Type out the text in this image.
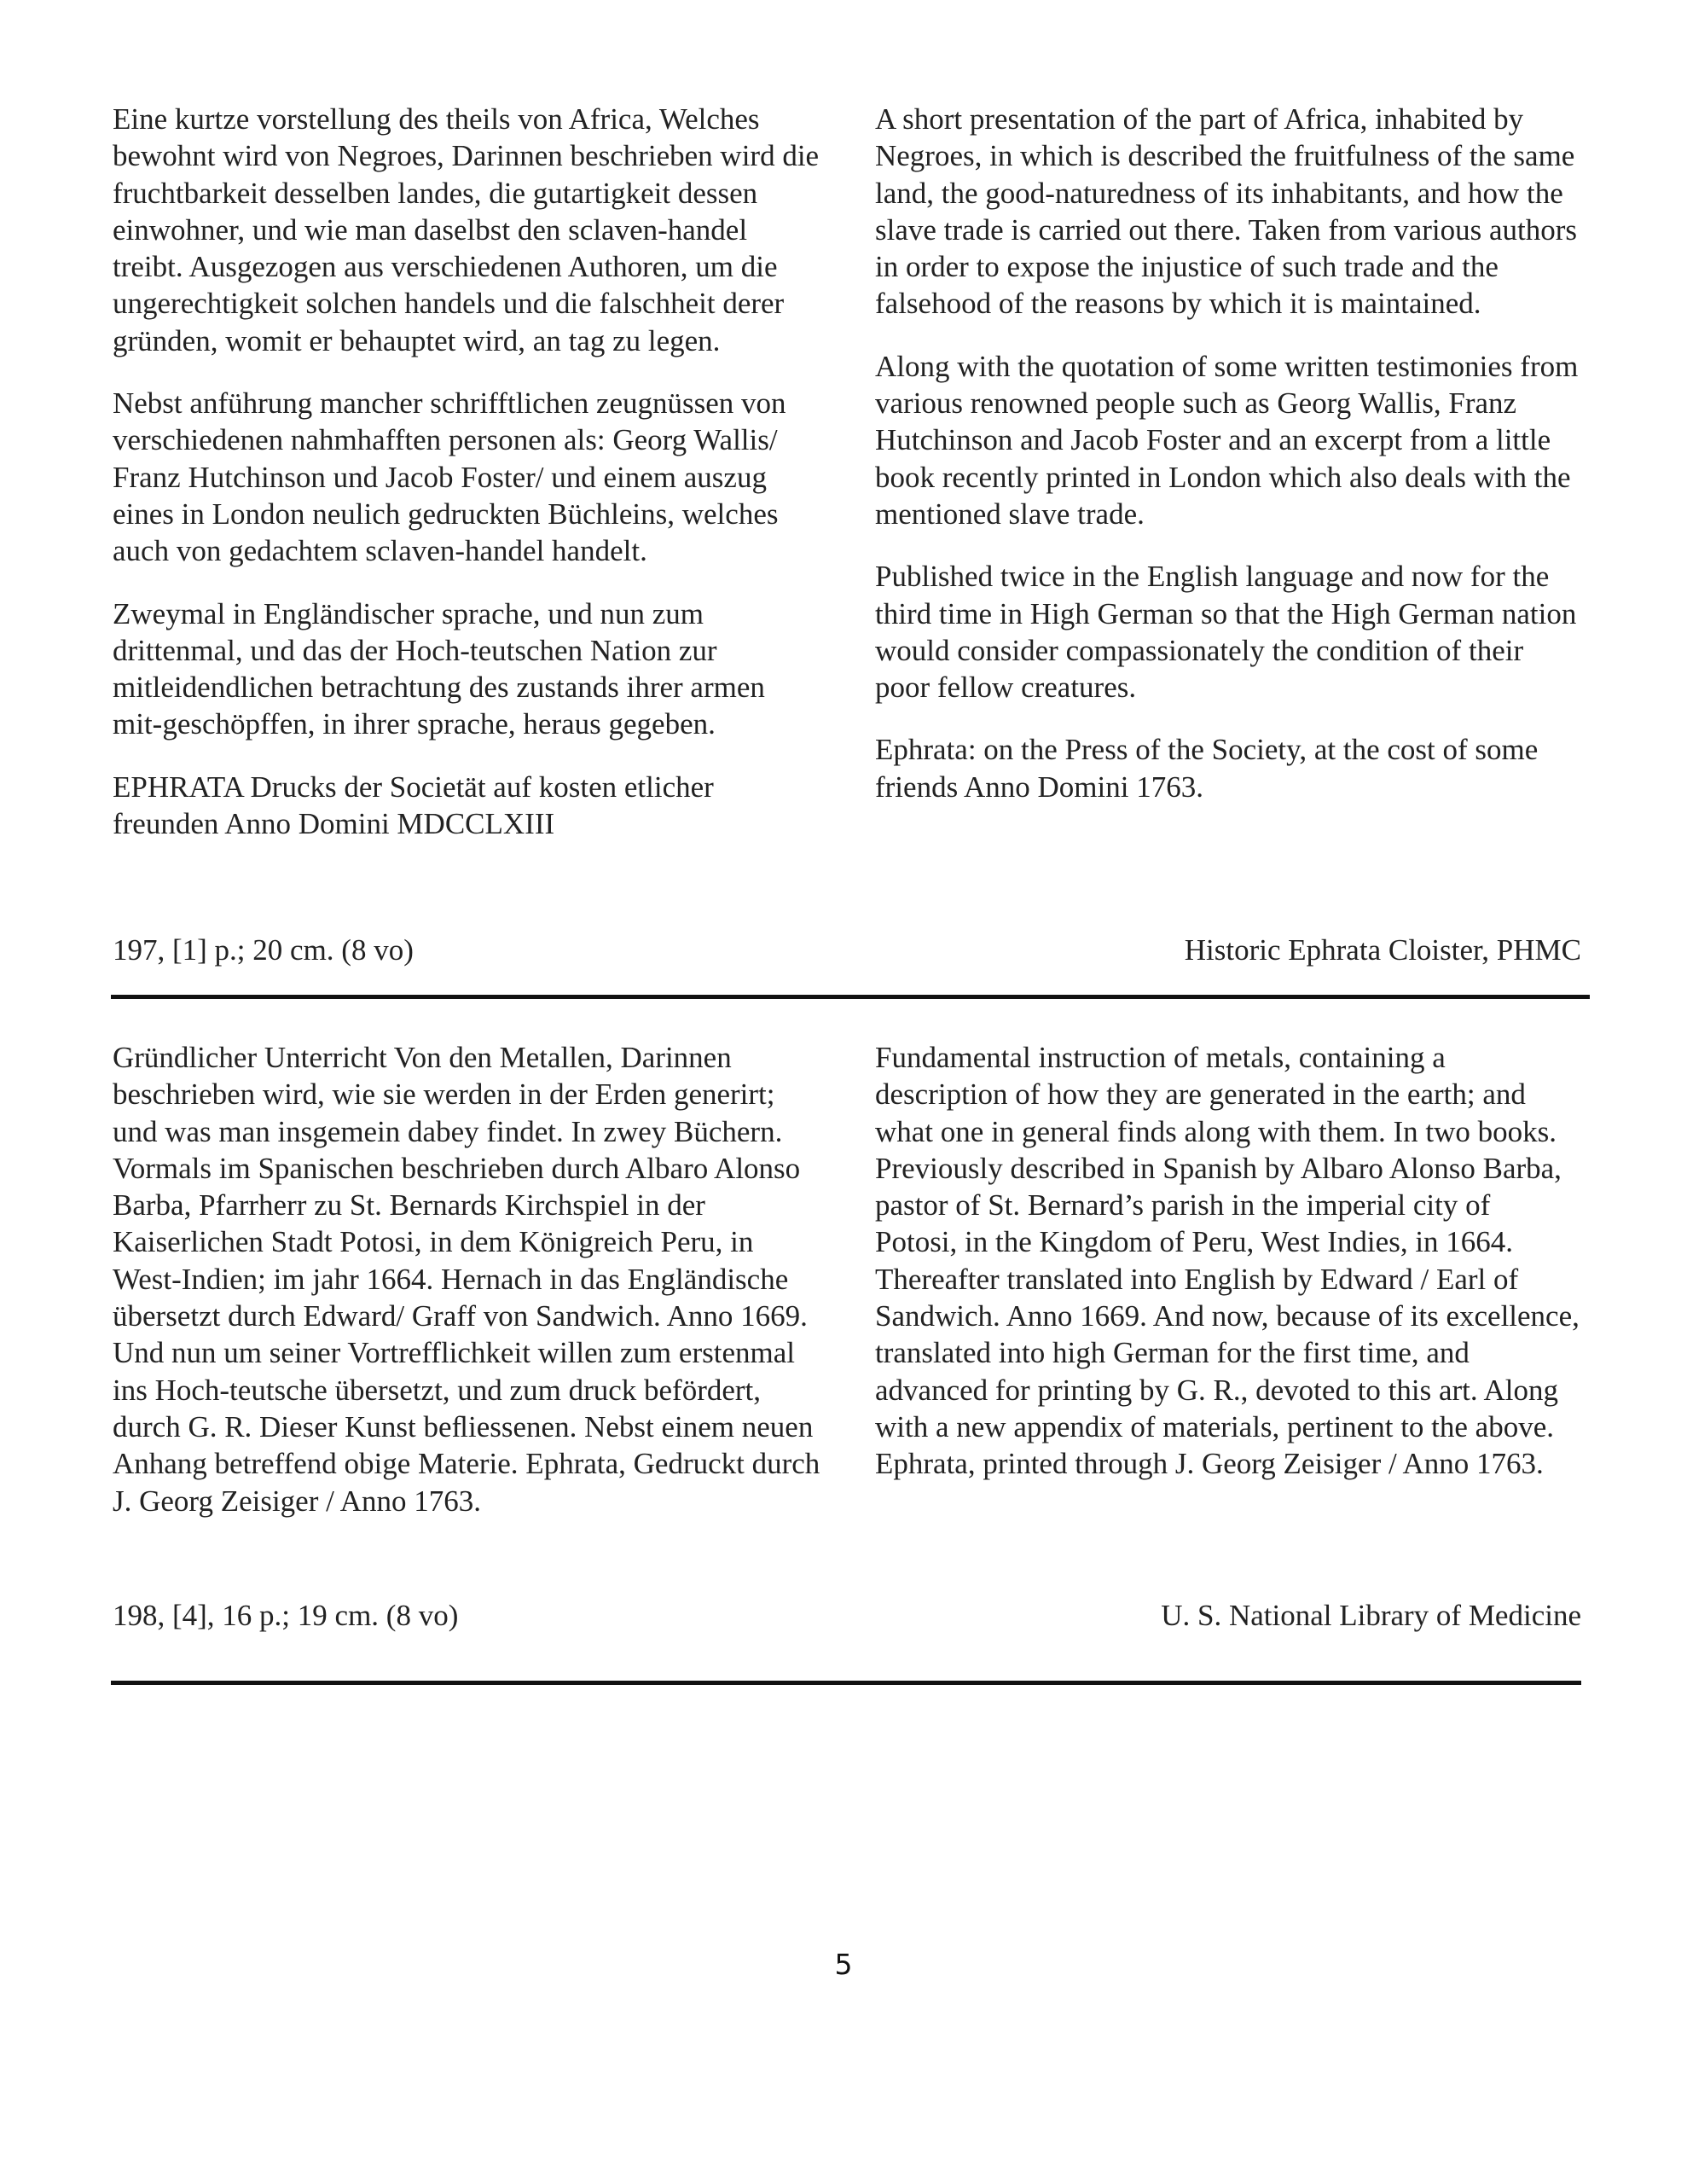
Eine kurtze vorstellung des theils von Africa, Welches bewohnt wird von Negroes, Darinnen beschrieben wird die fruchtbarkeit desselben landes, die gutartigkeit dessen einwohner, und wie man daselbst den sclaven-handel treibt. Ausgezogen aus verschiedenen Authoren, um die ungerechtigkeit solchen handels und die falschheit derer gründen, womit er behauptet wird, an tag zu legen.

Nebst anführung mancher schrifftlichen zeugnüssen von verschiedenen nahmhafften personen als: Georg Wallis/ Franz Hutchinson und Jacob Foster/ und einem auszug eines in London neulich gedruckten Büchleins, welches auch von gedachtem sclaven-handel handelt.

Zweymal in Engländischer sprache, und nun zum drittenmal, und das der Hoch-teutschen Nation zur mitleidendlichen betrachtung des zustands ihrer armen mit-geschöpffen, in ihrer sprache, heraus gegeben.

EPHRATA Drucks der Societät auf kosten etlicher freunden Anno Domini MDCCLXIII

A short presentation of the part of Africa, inhabited by Negroes, in which is described the fruitfulness of the same land, the good-naturedness of its inhabitants, and how the slave trade is carried out there. Taken from various authors in order to expose the injustice of such trade and the falsehood of the reasons by which it is maintained.

Along with the quotation of some written testimonies from various renowned people such as Georg Wallis, Franz Hutchinson and Jacob Foster and an excerpt from a little book recently printed in London which also deals with the mentioned slave trade.

Published twice in the English language and now for the third time in High German so that the High German nation would consider compassionately the condition of their poor fellow creatures.

Ephrata: on the Press of the Society, at the cost of some friends Anno Domini 1763.

197, [1] p.; 20 cm. (8 vo)	Historic Ephrata Cloister, PHMC

Gründlicher Unterricht Von den Metallen, Darinnen beschrieben wird, wie sie werden in der Erden generirt; und was man insgemein dabey findet. In zwey Büchern. Vormals im Spanischen beschrieben durch Albaro Alonso Barba, Pfarrherr zu St. Bernards Kirchspiel in der Kaiserlichen Stadt Potosi, in dem Königreich Peru, in West-Indien; im jahr 1664. Hernach in das Engländische übersetzt durch Edward/ Graff von Sandwich. Anno 1669. Und nun um seiner Vortrefflichkeit willen zum erstenmal ins Hoch-teutsche übersetzt, und zum druck befördert, durch G. R. Dieser Kunst beﬂiessenen. Nebst einem neuen Anhang betreffend obige Materie. Ephrata, Gedruckt durch J. Georg Zeisiger / Anno 1763.

Fundamental instruction of metals, containing a description of how they are generated in the earth; and what one in general finds along with them. In two books. Previously described in Spanish by Albaro Alonso Barba, pastor of St. Bernard’s parish in the imperial city of Potosi, in the Kingdom of Peru, West Indies, in 1664. Thereafter translated into English by Edward / Earl of Sandwich. Anno 1669. And now, because of its excellence, translated into high German for the first time, and advanced for printing by G. R., devoted to this art. Along with a new appendix of materials, pertinent to the above. Ephrata, printed through J. Georg Zeisiger / Anno 1763.

198, [4], 16 p.; 19 cm. (8 vo)	U. S. National Library of Medicine
5
